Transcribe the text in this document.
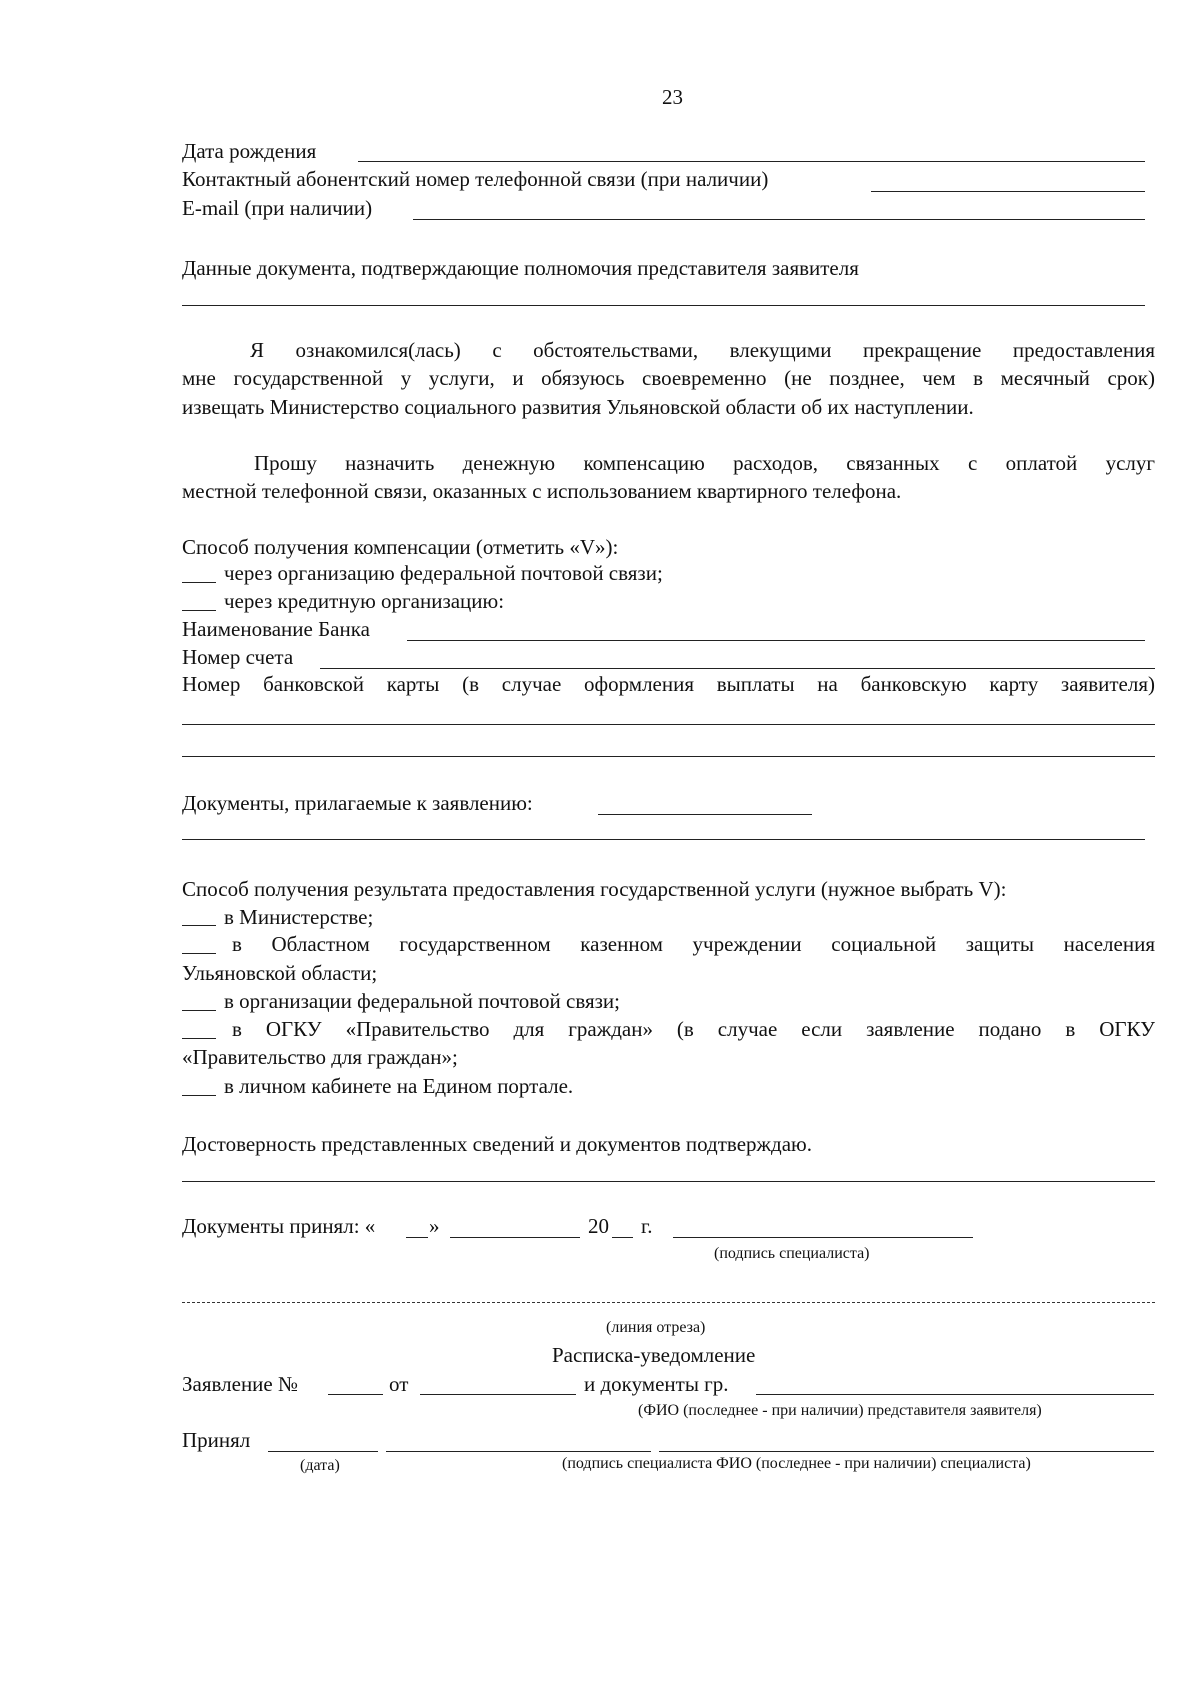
23
Дата рождения
Контактный абонентский номер телефонной связи (при наличии)
E-mail (при наличии)
Данные документа, подтверждающие полномочия представителя заявителя
Я ознакомился(лась) с обстоятельствами, влекущими прекращение предоставления
мне государственной у услуги, и обязуюсь своевременно (не позднее, чем в месячный срок)
извещать Министерство социального развития Ульяновской области об их наступлении.
Прошу назначить денежную компенсацию расходов, связанных с оплатой услуг
местной телефонной связи, оказанных с использованием квартирного телефона.
Способ получения компенсации (отметить «V»):
через организацию федеральной почтовой связи;
через кредитную организацию:
Наименование Банка
Номер счета
Номер банковской карты (в случае оформления выплаты на банковскую карту заявителя)
Документы, прилагаемые к заявлению:
Способ получения результата предоставления государственной услуги (нужное выбрать V):
в Министерстве;
в Областном государственном казенном учреждении социальной защиты населения
Ульяновской области;
в организации федеральной почтовой связи;
в ОГКУ «Правительство для граждан» (в случае если заявление подано в ОГКУ
«Правительство для граждан»;
в личном кабинете на Едином портале.
Достоверность представленных сведений и документов подтверждаю.
Документы принял: «	»	20 г.
(подпись специалиста)
(линия отреза)
Расписка-уведомление
Заявление №	от	и документы гр.
(ФИО (последнее - при наличии) представителя заявителя)
Принял
(дата)	(подпись специалиста ФИО (последнее - при наличии) специалиста)
